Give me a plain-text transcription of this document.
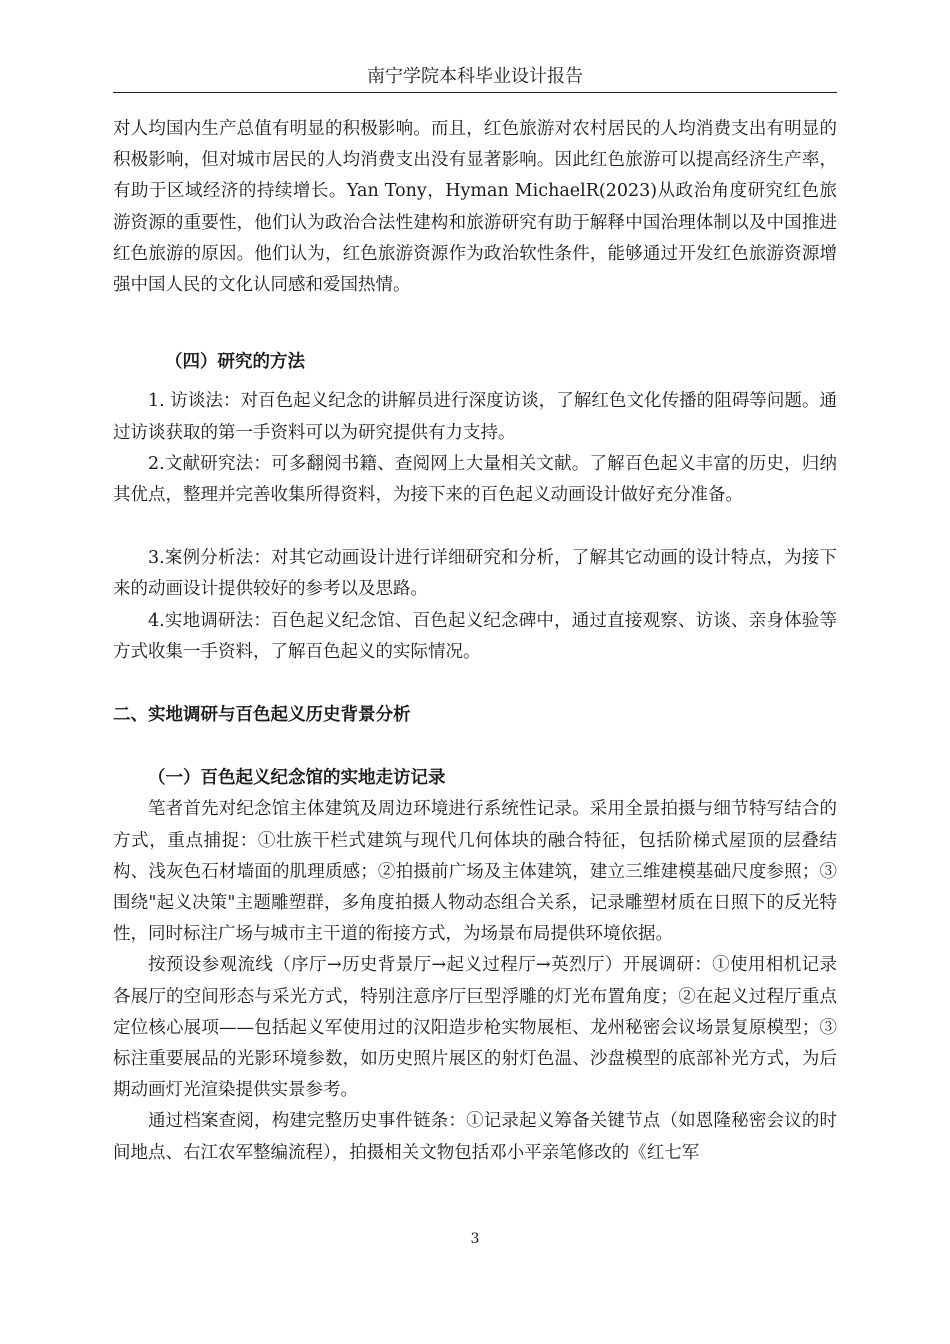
南宁学院本科毕业设计报告

对人均国内生产总值有明显的积极影响。而且，红色旅游对农村居民的人均消费支出有明显的积极影响，但对城市居民的人均消费支出没有显著影响。因此红色旅游可以提高经济生产率，有助于区域经济的持续增长。Yan Tony，Hyman MichaelR(2023)从政治角度研究红色旅游资源的重要性，他们认为政治合法性建构和旅游研究有助于解释中国治理体制以及中国推进红色旅游的原因。他们认为，红色旅游资源作为政治软性条件，能够通过开发红色旅游资源增强中国人民的文化认同感和爱国热情。

（四）研究的方法

1. 访谈法：对百色起义纪念的讲解员进行深度访谈，了解红色文化传播的阻碍等问题。通过访谈获取的第一手资料可以为研究提供有力支持。

2.文献研究法：可多翻阅书籍、查阅网上大量相关文献。了解百色起义丰富的历史，归纳其优点，整理并完善收集所得资料，为接下来的百色起义动画设计做好充分准备。

3.案例分析法：对其它动画设计进行详细研究和分析，了解其它动画的设计特点，为接下来的动画设计提供较好的参考以及思路。

4.实地调研法：百色起义纪念馆、百色起义纪念碑中，通过直接观察、访谈、亲身体验等方式收集一手资料，了解百色起义的实际情况。

二、实地调研与百色起义历史背景分析

（一）百色起义纪念馆的实地走访记录

笔者首先对纪念馆主体建筑及周边环境进行系统性记录。采用全景拍摄与细节特写结合的方式，重点捕捉：①壮族干栏式建筑与现代几何体块的融合特征，包括阶梯式屋顶的层叠结构、浅灰色石材墙面的肌理质感；②拍摄前广场及主体建筑，建立三维建模基础尺度参照；③围绕"起义决策"主题雕塑群，多角度拍摄人物动态组合关系，记录雕塑材质在日照下的反光特性，同时标注广场与城市主干道的衔接方式，为场景布局提供环境依据。

按预设参观流线（序厅→历史背景厅→起义过程厅→英烈厅）开展调研：①使用相机记录各展厅的空间形态与采光方式，特别注意序厅巨型浮雕的灯光布置角度；②在起义过程厅重点定位核心展项——包括起义军使用过的汉阳造步枪实物展柜、龙州秘密会议场景复原模型；③标注重要展品的光影环境参数，如历史照片展区的射灯色温、沙盘模型的底部补光方式，为后期动画灯光渲染提供实景参考。

通过档案查阅，构建完整历史事件链条：①记录起义筹备关键节点（如恩隆秘密会议的时间地点、右江农军整编流程），拍摄相关文物包括邓小平亲笔修改的《红七军

3
